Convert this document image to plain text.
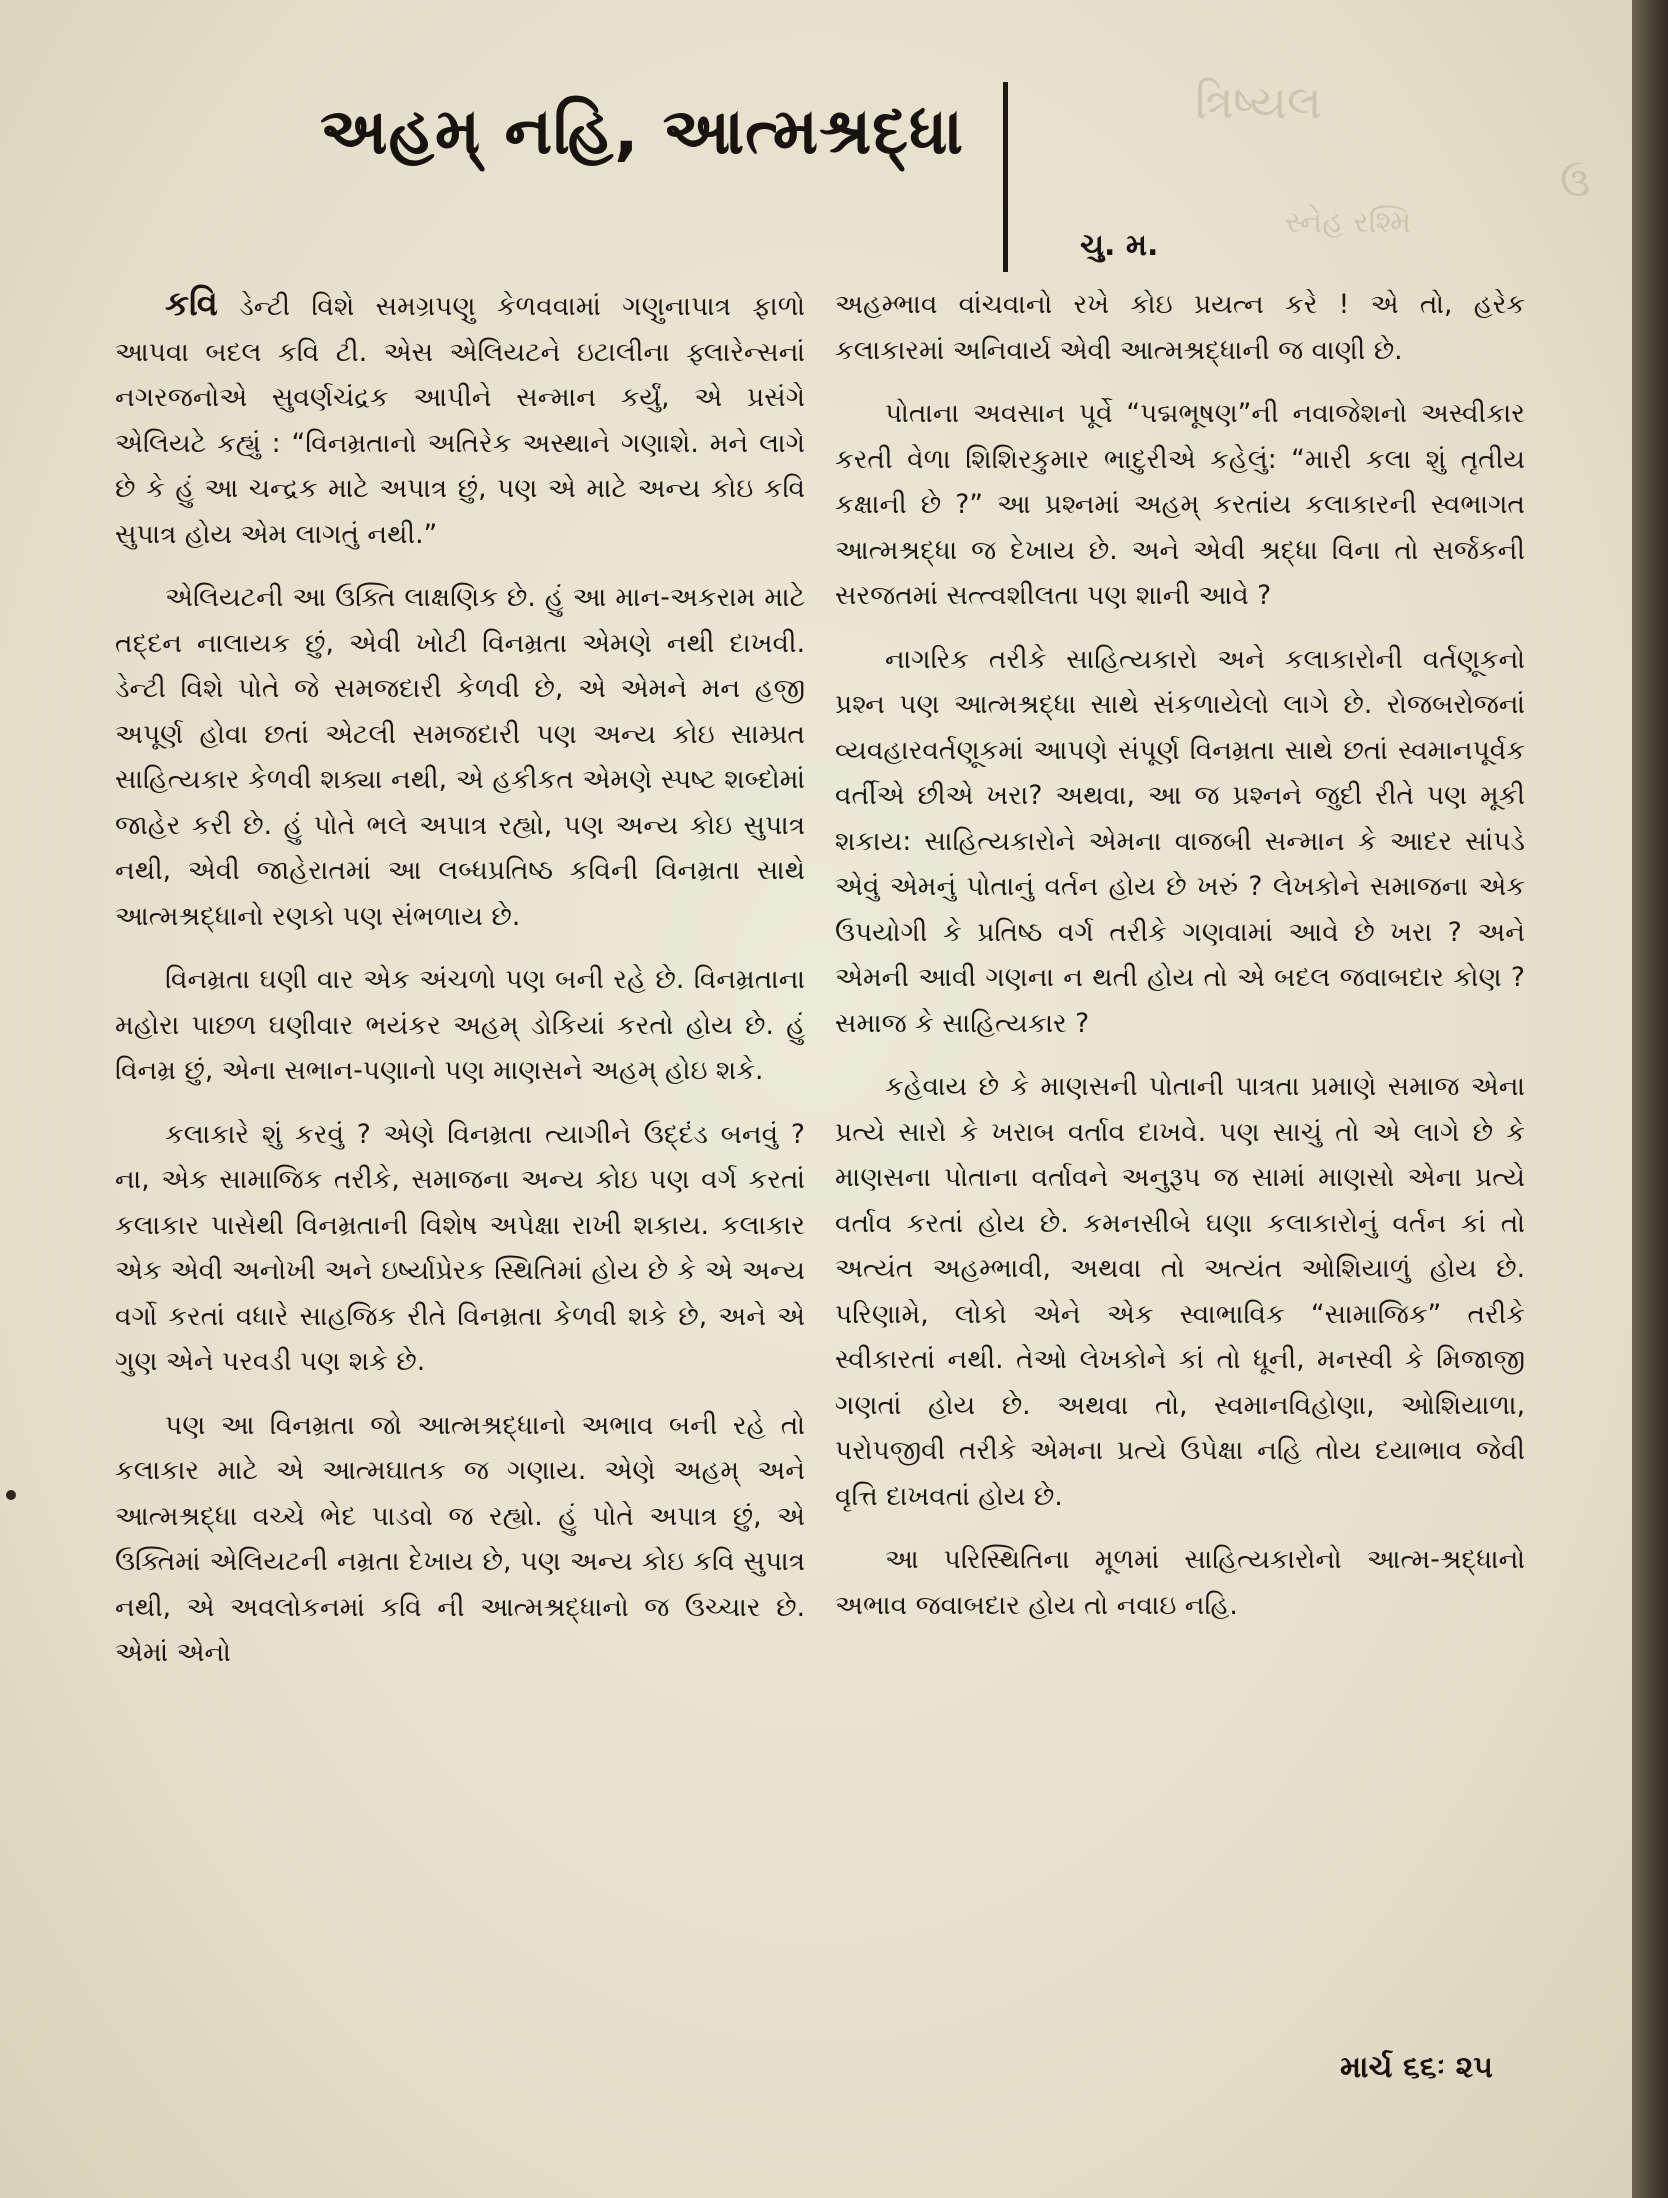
ત્રિષ્યલ
સ્નેહ રશ્મિ
ઉ
અહમ્ નહિ, આત્મશ્રદ્ધા
ચુ. મ.

કવિ ડેન્ટી વિશે સમગ્રપણુ કેળવવામાં ગણુનાપાત્ર ફાળો આપવા બદલ કવિ ટી. એસ એલિયટને ઇટાલીના ફ્લારેન્સનાં નગરજનોએ સુવર્ણચંદ્રક આપીને સન્માન કર્યું, એ પ્રસંગે એલિયટે કહ્યું : “વિનમ્રતાનો અતિરેક અસ્થાને ગણાશે. મને લાગે છે કે હું આ ચન્દ્રક માટે અપાત્ર છું, પણ એ માટે અન્ય કોઇ કવિ સુપાત્ર હોય એમ લાગતું નથી.”

એલિયટની આ ઉક્તિ લાક્ષણિક છે. હું આ માન-અકરામ માટે તદ્દન નાલાયક છું, એવી ખોટી વિનમ્રતા એમણે નથી દાખવી. ડેન્ટી વિશે પોતે જે સમજદારી કેળવી છે, એ એમને મન હજી અપૂર્ણ હોવા છતાં એટલી સમજદારી પણ અન્ય કોઇ સામ્પ્રત સાહિત્યકાર કેળવી શક્યા નથી, એ હકીકત એમણે સ્પષ્ટ શબ્દોમાં જાહેર કરી છે. હું પોતે ભલે અપાત્ર રહ્યો, પણ અન્ય કોઇ સુપાત્ર નથી, એવી જાહેરાતમાં આ લબ્ધપ્રતિષ્ઠ કવિની વિનમ્રતા સાથે આત્મશ્રદ્ધાનો રણકો પણ સંભળાય છે.

વિનમ્રતા ઘણી વાર એક અંચળો પણ બની રહે છે. વિનમ્રતાના મહોરા પાછળ ઘણીવાર ભયંકર અહમ્ ડોકિયાં કરતો હોય છે. હું વિનમ્ર છું, એના સભાન-પણાનો પણ માણસને અહમ્ હોઇ શકે.

કલાકારે શું કરવું ? એણે વિનમ્રતા ત્યાગીને ઉદ્દંડ બનવું ? ના, એક સામાજિક તરીકે, સમાજના અન્ય કોઇ પણ વર્ગ કરતાં કલાકાર પાસેથી વિનમ્રતાની વિશેષ અપેક્ષા રાખી શકાય. કલાકાર એક એવી અનોખી અને ઇર્ષ્યાપ્રેરક સ્થિતિમાં હોય છે કે એ અન્ય વર્ગો કરતાં વધારે સાહજિક રીતે વિનમ્રતા કેળવી શકે છે, અને એ ગુણ એને પરવડી પણ શકે છે.

પણ આ વિનમ્રતા જો આત્મશ્રદ્ધાનો અભાવ બની રહે તો કલાકાર માટે એ આત્મઘાતક જ ગણાય. એણે અહમ્ અને આત્મશ્રદ્ધા વચ્ચે ભેદ પાડવો જ રહ્યો. હું પોતે અપાત્ર છું, એ ઉક્તિમાં એલિયટની નમ્રતા દેખાય છે, પણ અન્ય કોઇ કવિ સુપાત્ર નથી, એ અવલોકનમાં કવિ ની આત્મશ્રદ્ધાનો જ ઉચ્ચાર છે. એમાં એનો

અહમ્ભાવ વાંચવાનો રખે કોઇ પ્રયત્ન કરે ! એ તો, હરેક કલાકારમાં અનિવાર્ય એવી આત્મશ્રદ્ધાની જ વાણી છે.

પોતાના અવસાન પૂર્વે “પદ્મભૂષણ”ની નવાજેશનો અસ્વીકાર કરતી વેળા શિશિરકુમાર ભાદુરીએ કહેલું: “મારી કલા શું તૃતીય કક્ષાની છે ?” આ પ્રશ્નમાં અહમ્ કરતાંય કલાકારની સ્વભાગત આત્મશ્રદ્ધા જ દેખાય છે. અને એવી શ્રદ્ધા વિના તો સર્જકની સરજતમાં સત્ત્વશીલતા પણ શાની આવે ?

નાગરિક તરીકે સાહિત્યકારો અને કલાકારોની વર્તણૂકનો પ્રશ્ન પણ આત્મશ્રદ્ધા સાથે સંકળાયેલો લાગે છે. રોજબરોજનાં વ્યવહારવર્તણૂકમાં આપણે સંપૂર્ણ વિનમ્રતા સાથે છતાં સ્વમાનપૂર્વક વર્તીએ છીએ ખરા? અથવા, આ જ પ્રશ્નને જુદી રીતે પણ મૂકી શકાય: સાહિત્યકારોને એમના વાજબી સન્માન કે આદર સાંપડે એવું એમનું પોતાનું વર્તન હોય છે ખરું ? લેખકોને સમાજના એક ઉપયોગી કે પ્રતિષ્ઠ વર્ગ તરીકે ગણવામાં આવે છે ખરા ? અને એમની આવી ગણના ન થતી હોય તો એ બદલ જવાબદાર કોણ ? સમાજ કે સાહિત્યકાર ?

કહેવાય છે કે માણસની પોતાની પાત્રતા પ્રમાણે સમાજ એના પ્રત્યે સારો કે ખરાબ વર્તાવ દાખવે. પણ સાચું તો એ લાગે છે કે માણસના પોતાના વર્તાવને અનુરૂપ જ સામાં માણસો એના પ્રત્યે વર્તાવ કરતાં હોય છે. કમનસીબે ઘણા કલાકારોનું વર્તન કાં તો અત્યંત અહમ્ભાવી, અથવા તો અત્યંત ઓશિયાળું હોય છે. પરિણામે, લોકો એને એક સ્વાભાવિક “સામાજિક” તરીકે સ્વીકારતાં નથી. તેઓ લેખકોને કાં તો ધૂની, મનસ્વી કે મિજાજી ગણતાં હોય છે. અથવા તો, સ્વમાનવિહોણા, ઓશિયાળા, પરોપજીવી તરીકે એમના પ્રત્યે ઉપેક્ષા નહિ તોય દયાભાવ જેવી વૃત્તિ દાખવતાં હોય છે.

આ પરિસ્થિતિના મૂળમાં સાહિત્યકારોનો આત્મ-શ્રદ્ધાનો અભાવ જવાબદાર હોય તો નવાઇ નહિ.

માર્ચ ૬૬ઃ ૨૫
